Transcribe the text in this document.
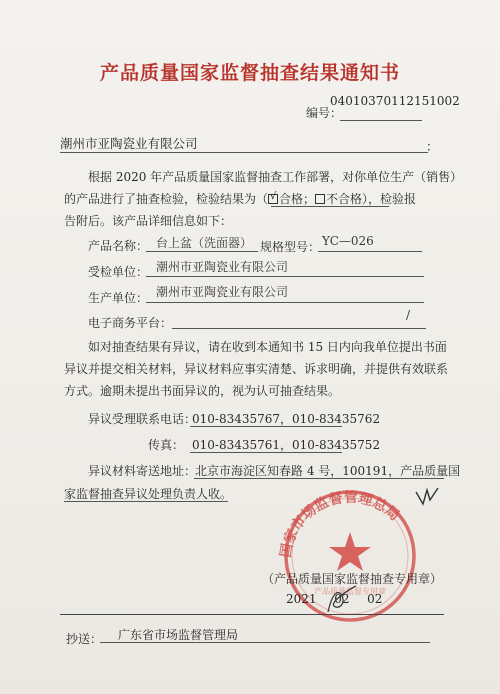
产品质量国家监督抽查结果通知书
04010370112151002
编号：
潮州市亚陶瓷业有限公司	：
根据 2020 年产品质量国家监督抽查工作部署，对你单位生产（销售）
的产品进行了抽查检验，检验结果为（ √ 合格； 不合格），检验报
告附后。该产品详细信息如下：
产品名称： 台上盆（洗面器） 规格型号： YC—026
受检单位： 潮州市亚陶瓷业有限公司
生产单位： 潮州市亚陶瓷业有限公司
电子商务平台：
/
如对抽查结果有异议，请在收到本通知书 15 日内向我单位提出书面
异议并提交相关材料，异议材料应事实清楚、诉求明确，并提供有效联系
方式。逾期未提出书面异议的，视为认可抽查结果。
异议受理联系电话：
010-83435767，010-83435762
传真： 010-83435761，010-83435752
异议材料寄送地址：
北京市海淀区知春路 4 号，100191，产品质量国
家监督抽查异议处理负责人收。
国家市场监督管理总局
产品质量监督专用章
（产品质量国家监督抽查专用章）
2021 02 02
抄送： 广东省市场监督管理局
